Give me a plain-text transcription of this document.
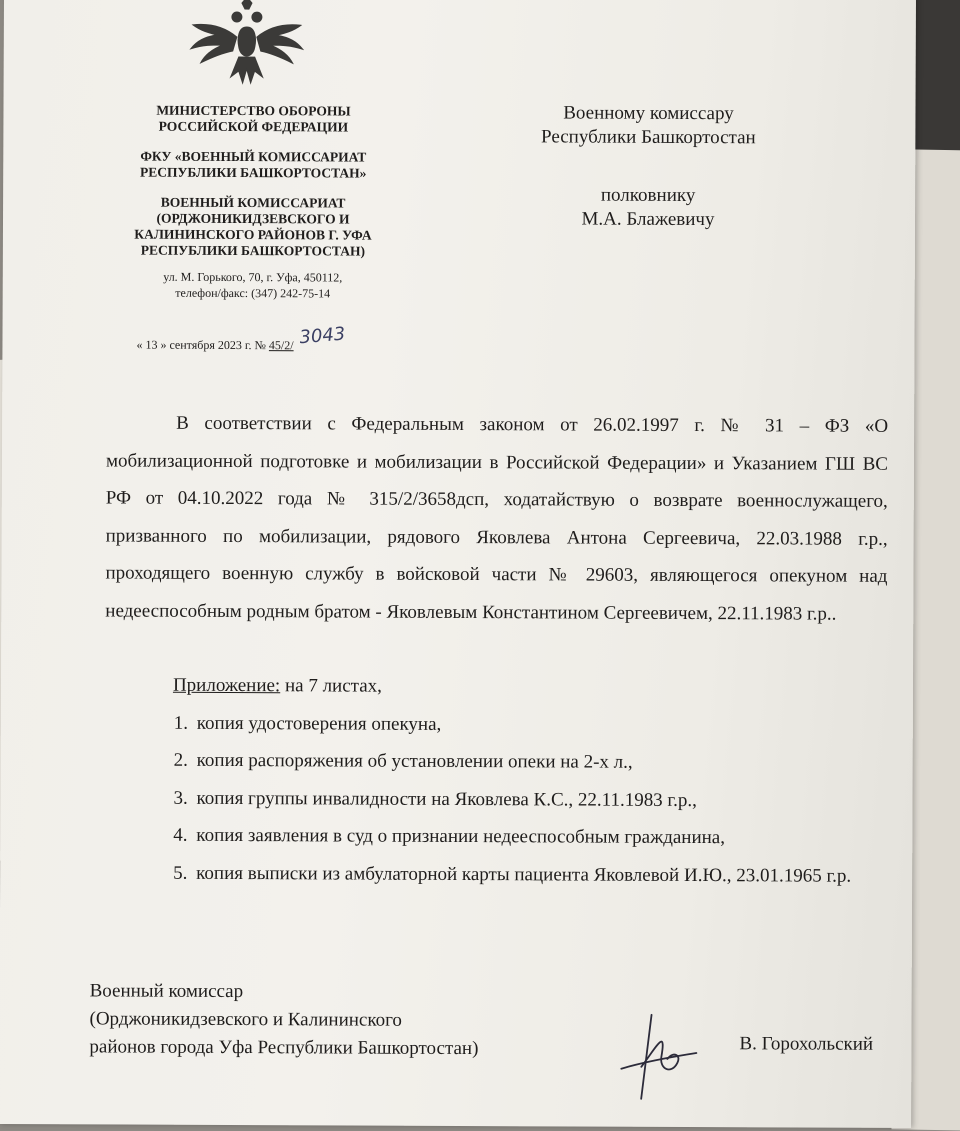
МИНИСТЕРСТВО ОБОРОНЫ
РОССИЙСКОЙ ФЕДЕРАЦИИ
ФКУ «ВОЕННЫЙ КОМИССАРИАТ
РЕСПУБЛИКИ БАШКОРТОСТАН»
ВОЕННЫЙ КОМИССАРИАТ
(ОРДЖОНИКИДЗЕВСКОГО И
КАЛИНИНСКОГО РАЙОНОВ Г. УФА
РЕСПУБЛИКИ БАШКОРТОСТАН)
ул. М. Горького, 70, г. Уфа, 450112,
телефон/факс: (347) 242-75-14
« 13 » сентября 2023 г. № 45/2/ 3043
Военному комиссару
Республики Башкортостан
полковнику
М.А. Блажевичу

В соответствии с Федеральным законом от 26.02.1997 г. № 31 – ФЗ «О мобилизационной подготовке и мобилизации в Российской Федерации» и Указанием ГШ ВС РФ от 04.10.2022 года № 315/2/3658дсп, ходатайствую о возврате военнослужащего, призванного по мобилизации, рядового Яковлева Антона Сергеевича, 22.03.1988 г.р., проходящего военную службу в войсковой части № 29603, являющегося опекуном над недееспособным родным братом - Яковлевым Константином Сергеевичем, 22.11.1983 г.р..

Приложение: на 7 листах,
1. копия удостоверения опекуна,
2. копия распоряжения об установлении опеки на 2-х л.,
3. копия группы инвалидности на Яковлева К.С., 22.11.1983 г.р.,
4. копия заявления в суд о признании недееспособным гражданина,
5. копия выписки из амбулаторной карты пациента Яковлевой И.Ю., 23.01.1965 г.р.
Военный комиссар
(Орджоникидзевского и Калининского
районов города Уфа Республики Башкортостан)	В. Горохольский
